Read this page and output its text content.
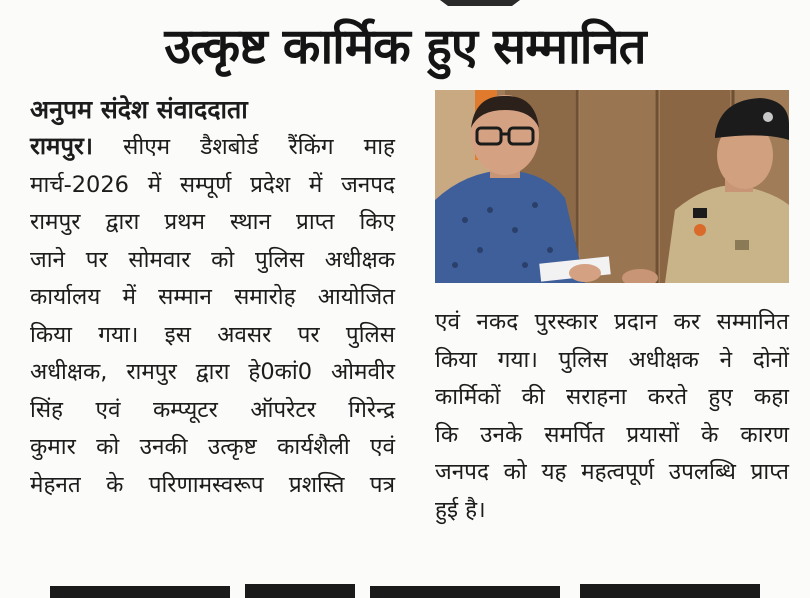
उत्कृष्ट कार्मिक हुए सम्मानित
अनुपम संदेश संवाददाता
रामपुर। सीएम डैशबोर्ड रैंकिंग माह
मार्च-2026 में सम्पूर्ण प्रदेश में जनपद
रामपुर द्वारा प्रथम स्थान प्राप्त किए
जाने पर सोमवार को पुलिस अधीक्षक
कार्यालय में सम्मान समारोह आयोजित
किया गया। इस अवसर पर पुलिस
अधीक्षक, रामपुर द्वारा हे0कां0 ओमवीर
सिंह एवं कम्प्यूटर ऑपरेटर गिरेन्द्र
कुमार को उनकी उत्कृष्ट कार्यशैली एवं
मेहनत के परिणामस्वरूप प्रशस्ति पत्र
एवं नकद पुरस्कार प्रदान कर सम्मानित
किया गया। पुलिस अधीक्षक ने दोनों
कार्मिकों की सराहना करते हुए कहा
कि उनके समर्पित प्रयासों के कारण
जनपद को यह महत्वपूर्ण उपलब्धि प्राप्त
हुई है।
